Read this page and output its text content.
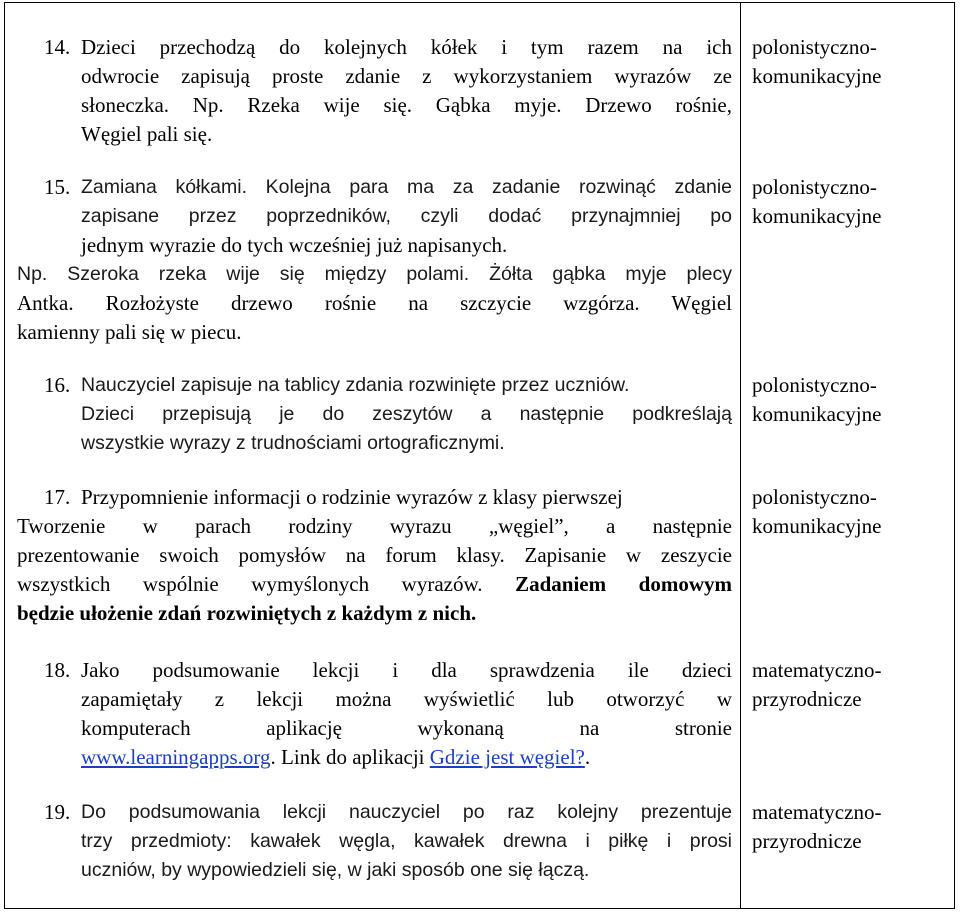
14. Dzieci przechodzą do kolejnych kółek i tym razem na ich
odwrocie zapisują proste zdanie z wykorzystaniem wyrazów ze
słoneczka. Np. Rzeka wije się. Gąbka myje. Drzewo rośnie,
Węgiel pali się.
polonistyczno-
komunikacyjne
15. Zamiana kółkami. Kolejna para ma za zadanie rozwinąć zdanie
zapisane przez poprzedników, czyli dodać przynajmniej po
jednym wyrazie do tych wcześniej już napisanych.
Np. Szeroka rzeka wije się między polami. Żółta gąbka myje plecy
Antka. Rozłożyste drzewo rośnie na szczycie wzgórza. Węgiel
kamienny pali się w piecu.
polonistyczno-
komunikacyjne
16. Nauczyciel zapisuje na tablicy zdania rozwinięte przez uczniów.
Dzieci przepisują je do zeszytów a następnie podkreślają
wszystkie wyrazy z trudnościami ortograficznymi.
polonistyczno-
komunikacyjne
17. Przypomnienie informacji o rodzinie wyrazów z klasy pierwszej
Tworzenie w parach rodziny wyrazu „węgiel”, a następnie
prezentowanie swoich pomysłów na forum klasy. Zapisanie w zeszycie
wszystkich wspólnie wymyślonych wyrazów. Zadaniem domowym
będzie ułożenie zdań rozwiniętych z każdym z nich.
polonistyczno-
komunikacyjne
18. Jako podsumowanie lekcji i dla sprawdzenia ile dzieci
zapamiętały z lekcji można wyświetlić lub otworzyć w
komputerach aplikację wykonaną na stronie
www.learningapps.org. Link do aplikacji Gdzie jest węgiel?.
matematyczno-
przyrodnicze
19. Do podsumowania lekcji nauczyciel po raz kolejny prezentuje
trzy przedmioty: kawałek węgla, kawałek drewna i piłkę i prosi
uczniów, by wypowiedzieli się, w jaki sposób one się łączą.
matematyczno-
przyrodnicze
